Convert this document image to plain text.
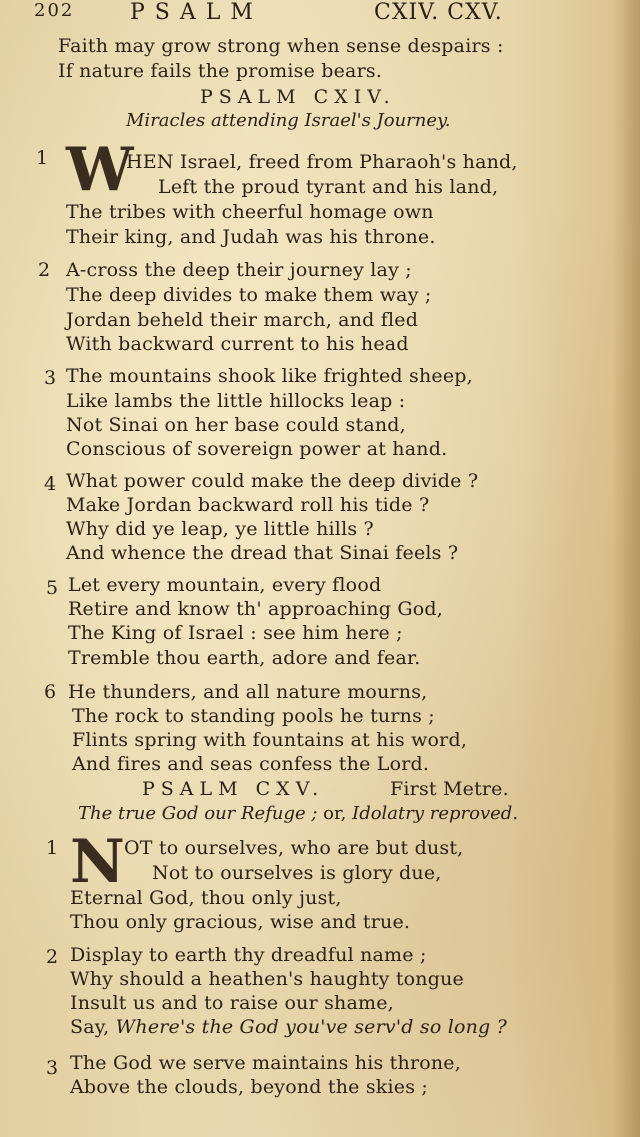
202	PSALM	CXIV. CXV.
Faith may grow strong when sense despairs :
If nature fails the promise bears.
PSALM CXIV.
Miracles attending Israel's Journey.
1 W
HEN Israel, freed from Pharaoh's hand,
Left the proud tyrant and his land,
The tribes with cheerful homage own
Their king, and Judah was his throne.
2 A-cross the deep their journey lay ;
The deep divides to make them way ;
Jordan beheld their march, and fled
With backward current to his head
3 The mountains shook like frighted sheep,
Like lambs the little hillocks leap :
Not Sinai on her base could stand,
Conscious of sovereign power at hand.
4 What power could make the deep divide ?
Make Jordan backward roll his tide ?
Why did ye leap, ye little hills ?
And whence the dread that Sinai feels ?
5 Let every mountain, every flood
Retire and know th' approaching God,
The King of Israel : see him here ;
Tremble thou earth, adore and fear.
6 He thunders, and all nature mourns,
The rock to standing pools he turns ;
Flints spring with fountains at his word,
And fires and seas confess the Lord.
PSALM CXV.	First Metre.
The true God our Refuge ; or, Idolatry reproved.
1 N OT to ourselves, who are but dust,
Not to ourselves is glory due,
Eternal God, thou only just,
Thou only gracious, wise and true.
2 Display to earth thy dreadful name ;
Why should a heathen's haughty tongue
Insult us and to raise our shame,
Say, Where's the God you've serv'd so long ?
3 The God we serve maintains his throne,
Above the clouds, beyond the skies ;
